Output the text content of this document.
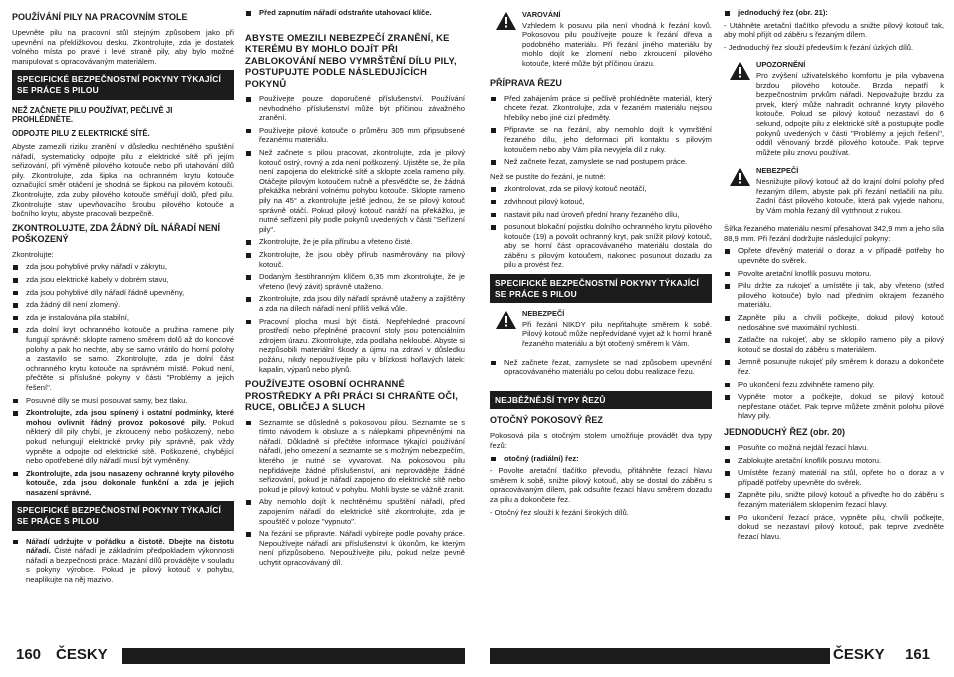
POUŽÍVÁNÍ PILY NA PRACOVNÍM STOLE

Upevněte pilu na pracovní stůl stejným způsobem jako při upevnění na překližkovou desku. Zkontrolujte, zda je dostatek volného místa po pravé i levé straně pily, aby bylo možné manipulovat s opracovávaným materiálem.

SPECIFICKÉ BEZPEČNOSTNÍ POKYNY TÝKAJÍCÍ SE PRÁCE S PILOU
NEŽ ZAČNETE PILU POUŽÍVAT, PEČLIVĚ JI PROHLÉDNĚTE.
ODPOJTE PILU Z ELEKTRICKÉ SÍTĚ.

Abyste zamezili riziku zranění v důsledku nechtěného spuštění nářadí, systematicky odpojte pilu z elektrické sítě při jejím seřizování, při výměně pilového kotouče nebo při utahování dílů pily. Zkontrolujte, zda šipka na ochranném krytu kotouče označující směr otáčení je shodná se šipkou na pilovém kotouči. Zkontrolujte, zda zuby pilového kotouče směřují dolů, před pilu. Zkontrolujte stav upevňovacího šroubu pilového kotouče a bočního krytu, abyste pracovali bezpečně.

ZKONTROLUJTE, ZDA ŽÁDNÝ DÍL NÁŘADÍ NENÍ POŠKOZENÝ

Zkontrolujte:

zda jsou pohyblivé prvky nářadí v zákrytu,
zda jsou elektrické kabely v dobrém stavu,
zda jsou pohyblivé díly nářadí řádně upevněny,
zda žádný díl není zlomený.
zda je instalována pila stabilní,
zda dolní kryt ochranného kotouče a pružina ramene pily fungují správně: sklopte rameno směrem dolů až do koncové polohy a pak ho nechte, aby se samo vrátilo do horní polohy a zastavilo se samo. Zkontrolujte, zda je dolní část ochranného krytu kotouče na správném místě. Pokud není, přečtěte si příslušné pokyny v části "Problémy a jejich řešení".
Posuvné díly se musí posouvat samy, bez tlaku.
Zkontrolujte, zda jsou spínený i ostatní podmínky, které mohou ovlivnit řádný provoz pokosové pily. Pokud některý díl pily chybí, je zkroucený nebo poškozený, nebo pokud nefungují elektrické prvky pily správně, pak vždy vypněte a odpojte od elektrické sítě. Poškozené, chybějící nebo opotřebené díly nářadí musí být vyměněny.
Zkontrolujte, zda jsou nasazeny ochranné kryty pilového kotouče, zda jsou dokonale funkční a zda je jejich nasazení správné.
SPECIFICKÉ BEZPEČNOSTNÍ POKYNY TÝKAJÍCÍ SE PRÁCE S PILOU
Nářadí udržujte v pořádku a čistotě. Dbejte na čistotu nářadí. Čisté nářadí je základním předpokladem výkonnosti nářadí a bezpečnosti práce. Mazání dílů provádějte v souladu s pokyny výrobce. Pokud je pilový kotouč v pohybu, neaplikujte na něj mazivo.
Před zapnutím nářadí odstraňte utahovací klíče.
ABYSTE OMEZILI NEBEZPEČÍ ZRANĚNÍ, KE KTERÉMU BY MOHLO DOJÍT PŘI ZABLOKOVÁNÍ NEBO VYMRŠTĚNÍ DÍLU PILY, POSTUPUJTE PODLE NÁSLEDUJÍCÍCH POKYNŮ
Používejte pouze doporučené příslušenství. Používání nevhodného příslušenství může být příčinou závažného zranění.
Používejte pilové kotouče o průměru 305 mm připsubsené řezanému materiálu.
Než začnete s pilou pracovat, zkontrolujte, zda je pilový kotouč ostrý, rovný a zda není poškozený. Ujistěte se, že pila není zapojena do elektrické sítě a sklopte zcela rameno pily. Otáčejte pilovým kotoučem ručně a přesvědčte se, že žádná překážka nebrání volnému pohybu kotouče. Sklopte rameno pily na 45° a zkontrolujte ještě jednou, že se pilový kotouč správně otáčí. Pokud pilový kotouč naráží na překážku, je nutné seřízení pily podle pokynů uvedených v části "Seřízení pily".
Zkontrolujte, že je pila přírubu a vřeteno čisté.
Zkontrolujte, že jsou oběy přírub nasměrovány na pilový kotouč.
Dodaným šestihranným klíčem 6,35 mm zkontrolujte, že je vřeteno (levý závit) správně utaženo.
Zkontrolujte, zda jsou díly nářadí správně utaženy a zajištěny a zda na dílech nářadí není příliš velká vůle.
Pracovní plocha musí být čistá. Nepřehledné pracovní prostředí nebo přeplněné pracovní stoly jsou potenciálním zdrojem úrazu. Zkontrolujte, zda podlaha nekloubé. Abyste si nezpůsobili materiální škody a újmu na zdraví v důsledku požáru, nikdy nepoužívejte pilu v blízkosti hořlavých látek: kapalin, výparů nebo plynů.
POUŽÍVEJTE OSOBNÍ OCHRANNÉ PROSTŘEDKY A PŘI PRÁCI SI CHRAŇTE OČI, RUCE, OBLIČEJ A SLUCH
Seznamte se důsledně s pokosovou pilou. Seznamte se s tímto návodem k obsluze a s nálepkami připevněnými na nářadí. Důkladně si přečtěte informace týkající používání nářadí, jeho omezení a seznamte se s možným nebezpečím, kterého je nutné se vyvarovat. Na pokosovou pilu nepřidávejte žádné příslušenství, ani neprovádějte žádné seřizování, pokud je nářadí zapojeno do elektrické sítě nebo pokud je pilový kotouč v pohybu. Mohli byste se vážně zranit.
Aby nemohlo dojít k nechtěnému spuštění nářadí, před zapojením nářadí do elektrické sítě zkontrolujte, zda je spouštěč v poloze "vypnuto".
Na řezání se připravte. Nářadí vybírejte podle povahy práce. Nepoužívejte nářadí ani příslušenství k úkonům, ke kterým není přizpůsobeno. Nepoužívejte pilu, pokud nelze pevně uchytit opracovávaný díl.
VAROVÁNÍ

Vzhledem k posuvu pila není vhodná k řezání kovů. Pokosovou pilu používejte pouze k řezání dřeva a podobného materiálu. Při řezání jiného materiálu by mohlo dojít ke zlomení nebo zkroucení pilového kotouče, které může být příčinou úrazu.

PŘÍPRAVA ŘEZU
Před zahájením práce si pečlivě prohlédněte materiál, který chcete řezat. Zkontrolujte, zda v řezaném materiálu nejsou hřebíky nebo jiné cizí předměty.
Připravte se na řezání, aby nemohlo dojít k vymrštění řezaného dílu, jeho deformaci při kontaktu s pilovým kotoučem nebo aby Vám pila nevyjela díl z ruky.
Než začnete řezat, zamyslete se nad postupem práce.

Než se pustíte do řezání, je nutné:

zkontrolovat, zda se pilový kotouč neotáčí,
zdvihnout pilový kotouč,
nastavit pilu nad úroveň přední hrany řezaného dílu,
posunout blokační pojistku dolního ochranného krytu pilového kotouče (19) a povolit ochranný kryt, pak snížit pilový kotouč, aby se horní část opracovávaného materiálu dostala do záběru s pilovým kotoučem, nakonec posunout dozadu za pilu a provést řez.
SPECIFICKÉ BEZPEČNOSTNÍ POKYNY TÝKAJÍCÍ SE PRÁCE S PILOU
NEBEZPEČÍ

Při řezání NIKDY pilu nepřitahujte směrem k sobě. Pilový kotouč může nepředvídané vyjet až k horní hraně řezaného materiálu a být otočený směrem k Vám.

Než začnete řezat, zamyslete se nad způsobem upevnění opracovávaného materiálu po celou dobu realizace řezu.
NEJBĚŽNĚJŠÍ TYPY ŘEZŮ
OTOČNÝ POKOSOVÝ ŘEZ

Pokosová pila s otočným stolem umožňuje provádět dva typy řezů:

otočný (radiální) řez:

- Povolte aretační tlačítko převodu, přitáhněte řezací hlavu směrem k sobě, snižte pilový kotouč, aby se dostal do záběru s opracovávaným dílem, pak odsuňte řezací hlavu směrem dozadu za pilu a dokončete řez.

- Otočný řez slouží k řezání širokých dílů.

jednoduchý řez (obr. 21):

- Utáhněte aretační tlačítko převodu a snižte pilový kotouč tak, aby mohl přijít od záběru s řezaným dílem.

- Jednoduchý řez slouží především k řezání úzkých dílů.

UPOZORNĚNÍ

Pro zvýšení uživatelského komfortu je pila vybavena brzdou pilového kotouče. Brzda nepatří k bezpečnostním prvkům nářadí. Nepovažujte brzdu za prvek, který může nahradit ochranné kryty pilového kotouče. Pokud se pilový kotouč nezastaví do 6 sekund, odpojte pilu z elektrické sítě a postupujte podle pokynů uvedených v části "Problémy a jejich řešení", oddíl věnovaný brzdě pilového kotouče. Pak teprve můžete pilu znovu používat.

NEBEZPEČÍ

Nesnižujte pilový kotouč až do krajní dolní polohy před řezaným dílem, abyste pak při řezání netlačili na pilu. Zadní část pilového kotouče, která pak vyjede nahoru, by Vám mohla řezaný díl vytrhnout z rukou.

Šířka řezaného materiálu nesmí přesahovat 342,9 mm a jeho síla 88,9 mm. Při řezání dodržujte následující pokyny:

Opřete dřevěný materiál o doraz a v případě potřeby ho upevněte do svěrek.
Povolte aretační knoflík posuvu motoru.
Pilu držte za rukojeť a umístěte ji tak, aby vřeteno (střed pilového kotouče) bylo nad předním okrajem řezaného materiálu.
Zapněte pilu a chvíli počkejte, dokud pilový kotouč nedosáhne své maximální rychlosti.
Zatlačte na rukojeť, aby se sklopilo rameno pily a pilový kotouč se dostal do záběru s materiálem.
Jemně posunujte rukojeť pily směrem k dorazu a dokončete řez.
Po ukončení řezu zdvihněte rameno pily.
Vypněte motor a počkejte, dokud se pilový kotouč nepřestane otáčet. Pak teprve můžete změnit polohu pilové hlavy pily.
JEDNODUCHÝ ŘEZ (obr. 20)
Posuňte co možná nejdál řezací hlavu.
Zablokujte aretační knoflík posuvu motoru.
Umístěte řezaný materiál na stůl, opřete ho o doraz a v případě potřeby upevněte do svěrek.
Zapněte pilu, snižte pilový kotouč a přiveďte ho do záběru s řezaným materiálem sklopením řezací hlavy.
Po ukončení řezací práce, vypněte pilu, chvíli počkejte, dokud se nezastaví pilový kotouč, pak teprve zvedněte řezací hlavu.
160 ČESKY	ČESKY 161
